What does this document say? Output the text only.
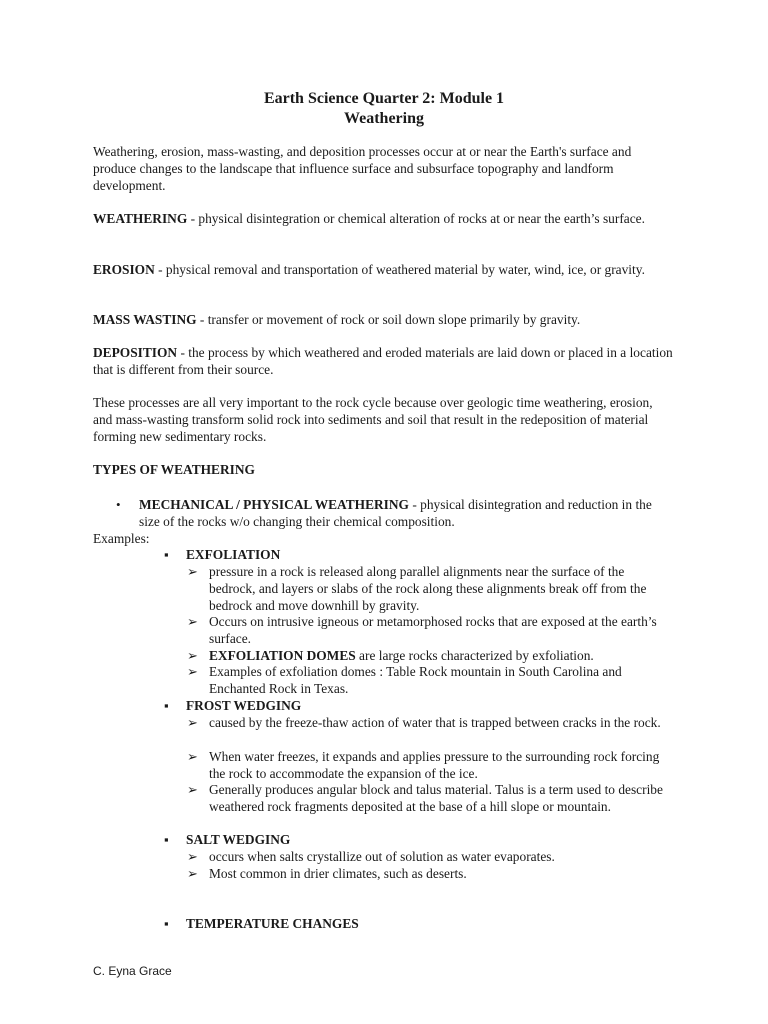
Earth Science Quarter 2: Module 1
Weathering

Weathering, erosion, mass-wasting, and deposition processes occur at or near the Earth's surface and produce changes to the landscape that influence surface and subsurface topography and landform development.

WEATHERING - physical disintegration or chemical alteration of rocks at or near the earth’s surface.

EROSION - physical removal and transportation of weathered material by water, wind, ice, or gravity.

MASS WASTING - transfer or movement of rock or soil down slope primarily by gravity.

DEPOSITION - the process by which weathered and eroded materials are laid down or placed in a location that is different from their source.

These processes are all very important to the rock cycle because over geologic time weathering, erosion, and mass-wasting transform solid rock into sediments and soil that result in the redeposition of material forming new sedimentary rocks.

TYPES OF WEATHERING
• MECHANICAL / PHYSICAL WEATHERING - physical disintegration and reduction in the size of the rocks w/o changing their chemical composition.

Examples:
▪ EXFOLIATION
➢ pressure in a rock is released along parallel alignments near the surface of the bedrock, and layers or slabs of the rock along these alignments break off from the bedrock and move downhill by gravity.

➢ Occurs on intrusive igneous or metamorphosed rocks that are exposed at the earth’s surface.

➢ EXFOLIATION DOMES are large rocks characterized by exfoliation.

➢ Examples of exfoliation domes : Table Rock mountain in South Carolina and Enchanted Rock in Texas.

▪ FROST WEDGING
➢ caused by the freeze-thaw action of water that is trapped between cracks in the rock.

➢ When water freezes, it expands and applies pressure to the surrounding rock forcing the rock to accommodate the expansion of the ice.

➢ Generally produces angular block and talus material. Talus is a term used to describe weathered rock fragments deposited at the base of a hill slope or mountain.

▪ SALT WEDGING
➢ occurs when salts crystallize out of solution as water evaporates.

➢ Most common in drier climates, such as deserts.

▪ TEMPERATURE CHANGES
C. Eyna Grace
